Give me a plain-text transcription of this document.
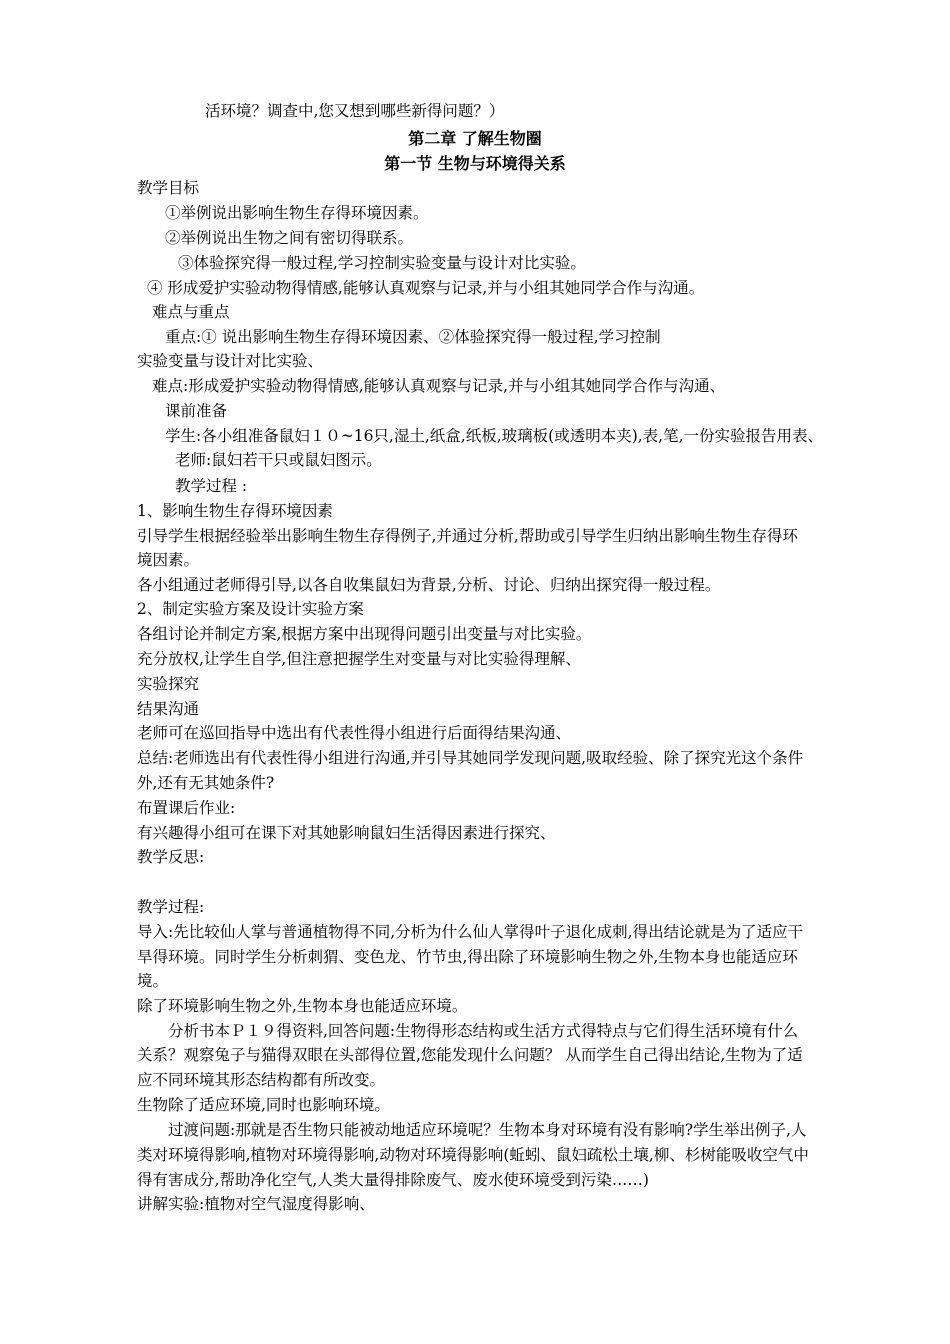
活环境？调查中,您又想到哪些新得问题？）
第二章 了解生物圈
第一节 生物与环境得关系
教学目标
①举例说出影响生物生存得环境因素。
②举例说出生物之间有密切得联系。
③体验探究得一般过程,学习控制实验变量与设计对比实验。
④ 形成爱护实验动物得情感,能够认真观察与记录,并与小组其她同学合作与沟通。
难点与重点
重点:① 说出影响生物生存得环境因素、②体验探究得一般过程,学习控制
实验变量与设计对比实验、
难点:形成爱护实验动物得情感,能够认真观察与记录,并与小组其她同学合作与沟通、
课前准备
学生:各小组准备鼠妇１０~16只,湿土,纸盒,纸板,玻璃板(或透明本夹),表,笔,一份实验报告用表、
老师:鼠妇若干只或鼠妇图示。
教学过程 :
1、影响生物生存得环境因素
引导学生根据经验举出影响生物生存得例子,并通过分析,帮助或引导学生归纳出影响生物生存得环
境因素。
各小组通过老师得引导,以各自收集鼠妇为背景,分析、讨论、归纳出探究得一般过程。
2、制定实验方案及设计实验方案
各组讨论并制定方案,根据方案中出现得问题引出变量与对比实验。
充分放权,让学生自学,但注意把握学生对变量与对比实验得理解、
实验探究
结果沟通
老师可在巡回指导中选出有代表性得小组进行后面得结果沟通、
总结:老师选出有代表性得小组进行沟通,并引导其她同学发现问题,吸取经验、除了探究光这个条件
外,还有无其她条件?
布置课后作业:
有兴趣得小组可在课下对其她影响鼠妇生活得因素进行探究、
教学反思:
教学过程:
导入:先比较仙人掌与普通植物得不同,分析为什么仙人掌得叶子退化成刺,得出结论就是为了适应干
旱得环境。同时学生分析刺猬、变色龙、竹节虫,得出除了环境影响生物之外,生物本身也能适应环
境。
除了环境影响生物之外,生物本身也能适应环境。
分析书本Ｐ１９得资料,回答问题:生物得形态结构或生活方式得特点与它们得生活环境有什么
关系？观察兔子与猫得双眼在头部得位置,您能发现什么问题？ 从而学生自己得出结论,生物为了适
应不同环境其形态结构都有所改变。
生物除了适应环境,同时也影响环境。
过渡问题:那就是否生物只能被动地适应环境呢？生物本身对环境有没有影响?学生举出例子,人
类对环境得影响,植物对环境得影响,动物对环境得影响(蚯蚓、鼠妇疏松土壤,柳、杉树能吸收空气中
得有害成分,帮助净化空气,人类大量得排除废气、废水使环境受到污染……)
讲解实验:植物对空气湿度得影响、
